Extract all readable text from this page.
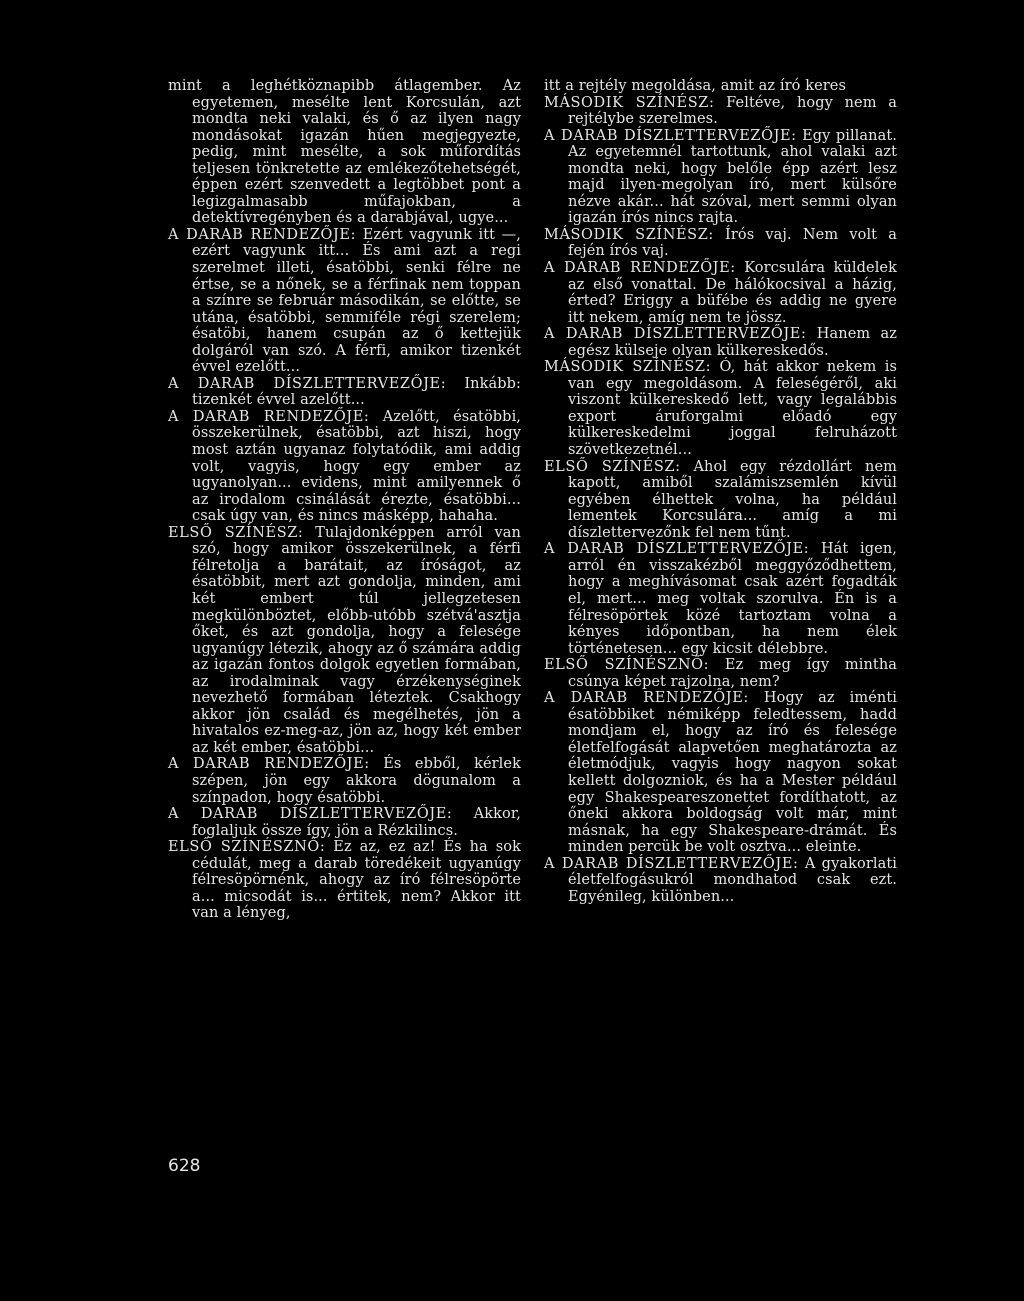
mint a leghétköznapibb átlagember. Az egyetemen, mesélte lent Korcsulán, azt mondta neki valaki, és ő az ilyen nagy mondásokat igazán hűen megjegyezte, pedig, mint mesélte, a sok műfordítás teljesen tönkretette az emlékezőtehetségét, éppen ezért szenvedett a legtöbbet pont a legizgalmasabb műfajokban, a detektívregényben és a darabjával, ugye...

A DARAB RENDEZŐJE: Ezért vagyunk itt —, ezért vagyunk itt... És ami azt a regi szerelmet illeti, ésatöbbi, senki félre ne értse, se a nőnek, se a férfinak nem toppan a színre se február másodikán, se előtte, se utána, ésatöbbi, semmiféle régi szerelem; ésatöbi, hanem csupán az ő kettejük dolgáról van szó. A férfi, amikor tizenkét évvel ezelőtt...

A DARAB DÍSZLETTERVEZŐJE: Inkább: tizenkét évvel azelőtt...

A DARAB RENDEZŐJE: Azelőtt, ésatöbbi, összekerülnek, ésatöbbi, azt hiszi, hogy most aztán ugyanaz folytatódik, ami addig volt, vagyis, hogy egy ember az ugyanolyan... evidens, mint amilyennek ő az irodalom csinálását érezte, ésatöbbi... csak úgy van, és nincs másképp, hahaha.

ELSŐ SZÍNÉSZ: Tulajdonképpen arról van szó, hogy amikor összekerülnek, a férfi félretolja a barátait, az íróságot, az ésatöbbit, mert azt gondolja, minden, ami két embert túl jellegzetesen megkülönböztet, előbb-utóbb szétvá'asztja őket, és azt gondolja, hogy a felesége ugyanúgy létezik, ahogy az ő számára addig az igazán fontos dolgok egyetlen formában, az irodalminak vagy érzékenységinek nevezhető formában léteztek. Csakhogy akkor jön család és megélhetés, jön a hivatalos ez-meg-az, jön az, hogy két ember az két ember, ésatöbbi...

A DARAB RENDEZŐJE: És ebből, kérlek szépen, jön egy akkora dögunalom a színpadon, hogy ésatöbbi.

A DARAB DÍSZLETTERVEZŐJE: Akkor, foglaljuk össze így, jön a Rézkilincs.

ELSŐ SZÍNÉSZNŐ: Ez az, ez az! És ha sok cédulát, meg a darab töredékeit ugyanúgy félresöpörnénk, ahogy az író félresöpörte a... micsodát is... értitek, nem? Akkor itt van a lényeg,

itt a rejtély megoldása, amit az író keres

MÁSODIK SZÍNÉSZ: Feltéve, hogy nem a rejtélybe szerelmes.

A DARAB DÍSZLETTERVEZŐJE: Egy pillanat. Az egyetemnél tartottunk, ahol valaki azt mondta neki, hogy belőle épp azért lesz majd ilyen-megolyan író, mert külsőre nézve akár... hát szóval, mert semmi olyan igazán írós nincs rajta.

MÁSODIK SZÍNÉSZ: Írós vaj. Nem volt a fején írós vaj.

A DARAB RENDEZŐJE: Korcsulára küldelek az első vonattal. De hálókocsival a házig, érted? Eriggy a büfébe és addig ne gyere itt nekem, amíg nem te jössz.

A DARAB DÍSZLETTERVEZŐJE: Hanem az egész külseje olyan külkereskedős.

MÁSODIK SZÍNÉSZ: Ó, hát akkor nekem is van egy megoldásom. A feleségéről, aki viszont külkereskedő lett, vagy legalábbis export áruforgalmi előadó egy külkereskedelmi joggal felruházott szövetkezetnél...

ELSŐ SZÍNÉSZ: Ahol egy rézdollárt nem kapott, amiből szalámiszsemlén kívül egyében élhettek volna, ha például lementek Korcsulára... amíg a mi díszlettervezőnk fel nem tűnt.

A DARAB DÍSZLETTERVEZŐJE: Hát igen, arról én visszakézből meggyőződhettem, hogy a meghívásomat csak azért fogadták el, mert... meg voltak szorulva. Én is a félresöpörtek közé tartoztam volna a kényes időpontban, ha nem élek történetesen... egy kicsit délebbre.

ELSŐ SZÍNÉSZNŐ: Ez meg így mintha csúnya képet rajzolna, nem?

A DARAB RENDEZŐJE: Hogy az iménti ésatöbbiket némiképp feledtessem, hadd mondjam el, hogy az író és felesége életfelfogását alapvetően meghatározta az életmódjuk, vagyis hogy nagyon sokat kellett dolgozniok, és ha a Mester például egy Shakespeareszonettet fordíthatott, az őneki akkora boldogság volt már, mint másnak, ha egy Shakespeare-drámát. És minden percük be volt osztva... eleinte.

A DARAB DÍSZLETTERVEZŐJE: A gyakorlati életfelfogásukról mondhatod csak ezt. Egyénileg, különben...

628
